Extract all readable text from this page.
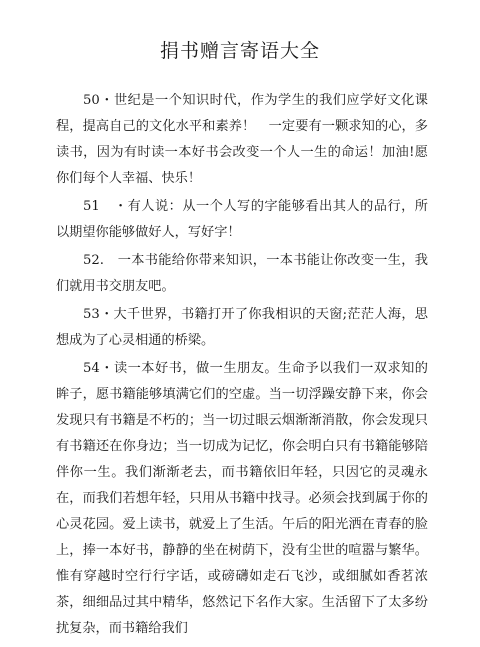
捐书赠言寄语大全

50・世纪是一个知识时代，作为学生的我们应学好文化课程，提高自己的文化水平和素养！　一定要有一颗求知的心，多读书，因为有时读一本好书会改变一个人一生的命运！加油!愿你们每个人幸福、快乐！

51　・有人说：从一个人写的字能够看出其人的品行，所以期望你能够做好人，写好字！

52.　一本书能给你带来知识，一本书能让你改变一生，我们就用书交朋友吧。

53・大千世界，书籍打开了你我相识的天窗;茫茫人海，思想成为了心灵相通的桥梁。

54・读一本好书，做一生朋友。生命予以我们一双求知的眸子，愿书籍能够填满它们的空虚。当一切浮躁安静下来，你会发现只有书籍是不朽的；当一切过眼云烟渐渐消散，你会发现只有书籍还在你身边；当一切成为记忆，你会明白只有书籍能够陪伴你一生。我们渐渐老去，而书籍依旧年轻，只因它的灵魂永在，而我们若想年轻，只用从书籍中找寻。必须会找到属于你的心灵花园。爱上读书，就爱上了生活。午后的阳光洒在青春的脸上，捧一本好书，静静的坐在树荫下，没有尘世的喧嚣与繁华。惟有穿越时空行行字话，或磅礴如走石飞沙，或细腻如香茗浓茶，细细品过其中精华，悠然记下名作大家。生活留下了太多纷扰复杂，而书籍给我们
